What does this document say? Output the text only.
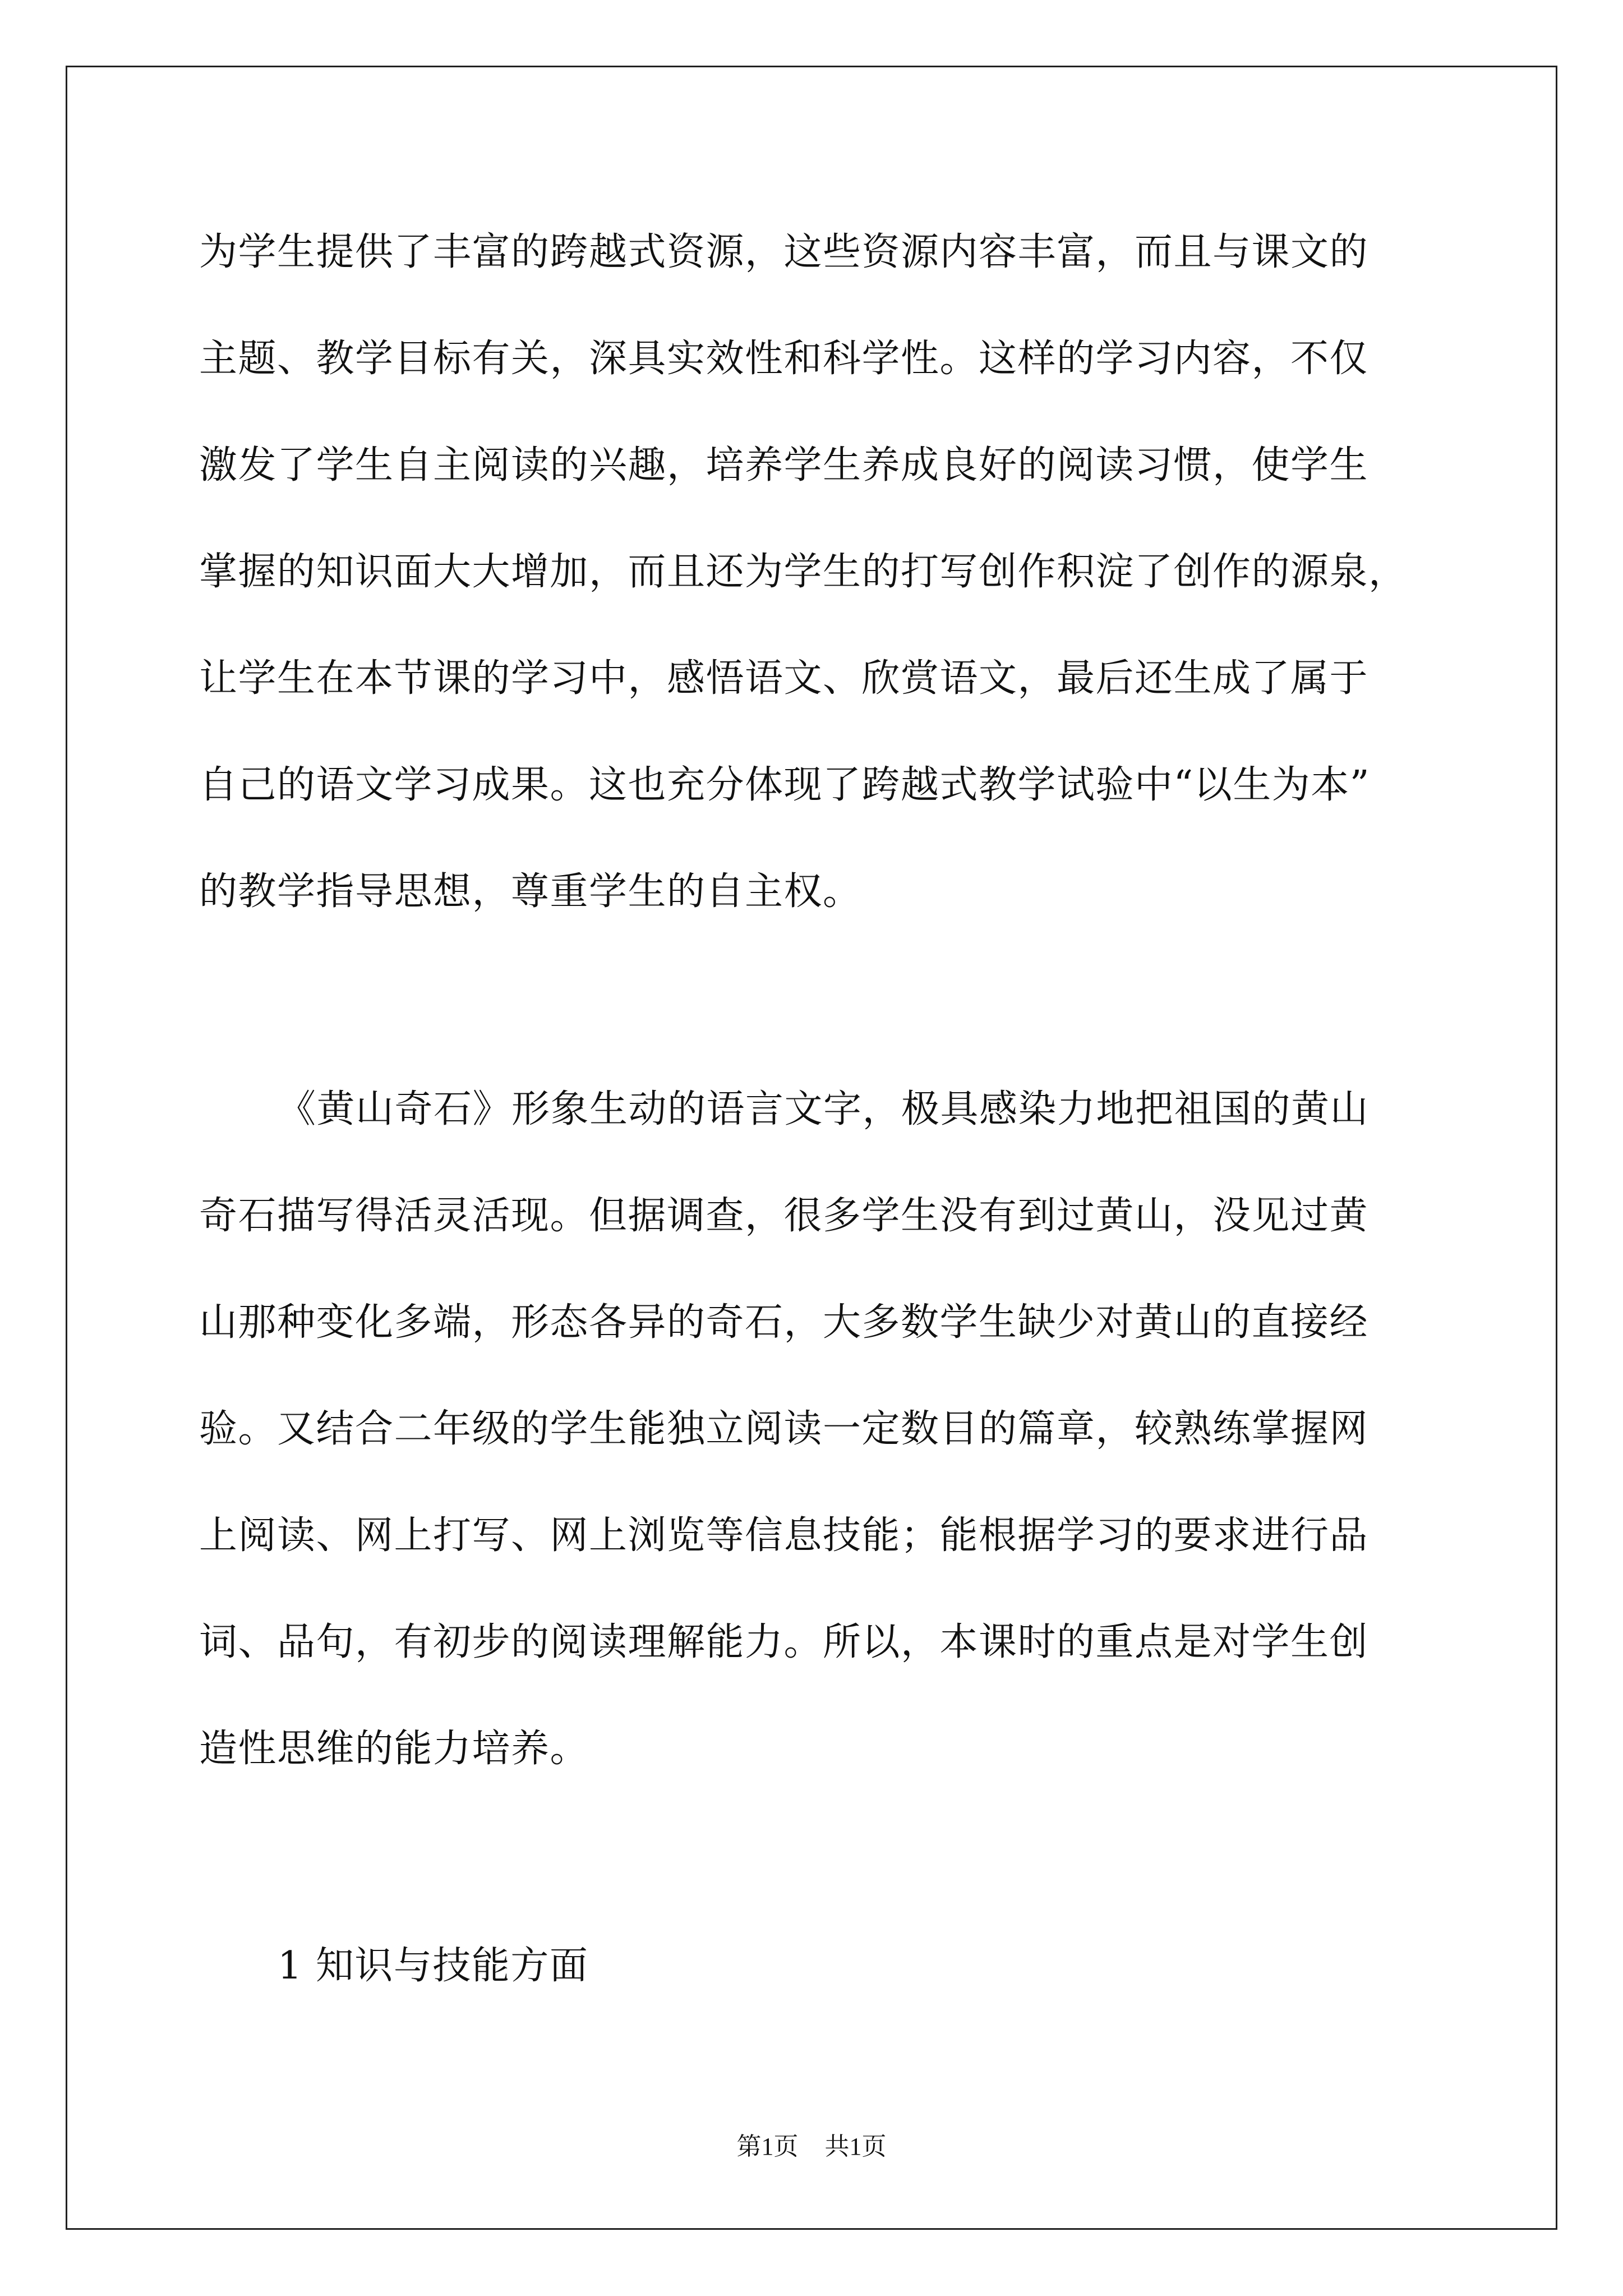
为学生提供了丰富的跨越式资源，这些资源内容丰富，而且与课文的
主题、教学目标有关，深具实效性和科学性。这样的学习内容，不仅
激发了学生自主阅读的兴趣，培养学生养成良好的阅读习惯，使学生
掌握的知识面大大增加，而且还为学生的打写创作积淀了创作的源泉，
让学生在本节课的学习中，感悟语文、欣赏语文，最后还生成了属于
自己的语文学习成果。这也充分体现了跨越式教学试验中“以生为本”
的教学指导思想，尊重学生的自主权。
《黄山奇石》形象生动的语言文字，极具感染力地把祖国的黄山
奇石描写得活灵活现。但据调查，很多学生没有到过黄山，没见过黄
山那种变化多端，形态各异的奇石，大多数学生缺少对黄山的直接经
验。又结合二年级的学生能独立阅读一定数目的篇章，较熟练掌握网
上阅读、网上打写、网上浏览等信息技能；能根据学习的要求进行品
词、品句，有初步的阅读理解能力。所以，本课时的重点是对学生创
造性思维的能力培养。
1 知识与技能方面
第1页 共1页
